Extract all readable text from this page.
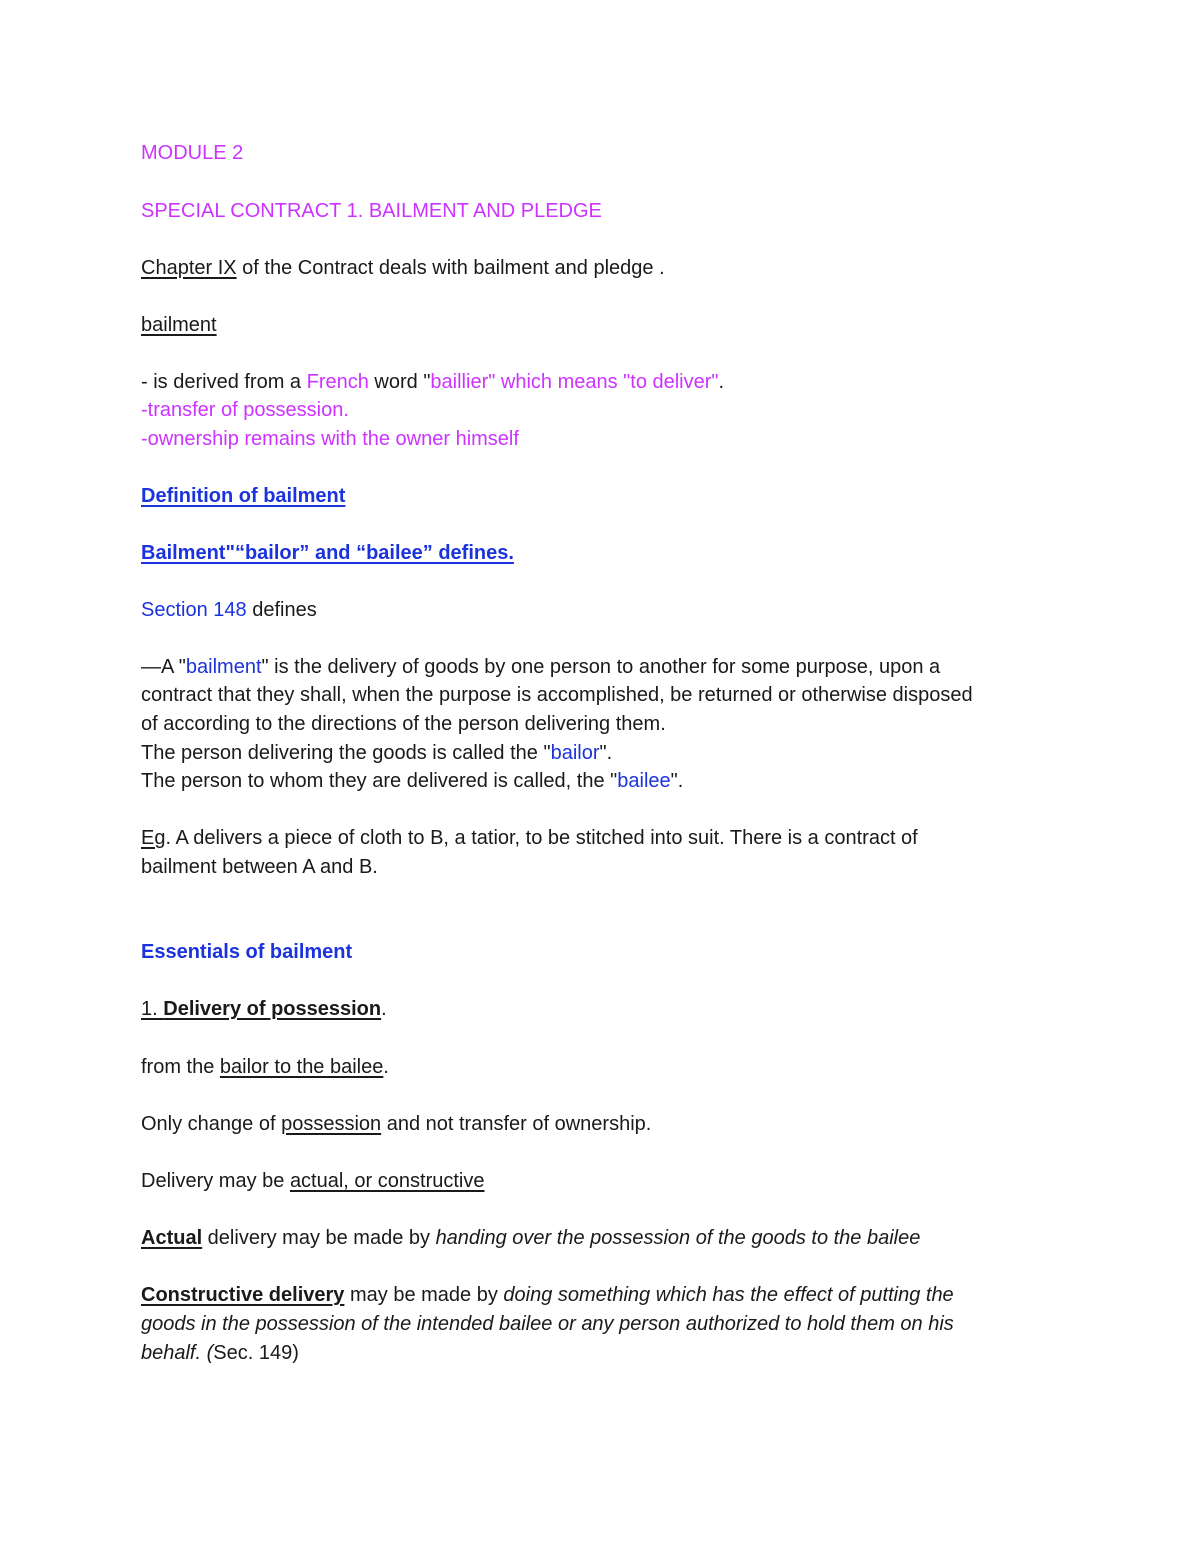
MODULE 2
SPECIAL CONTRACT 1. BAILMENT AND PLEDGE
Chapter IX of the Contract deals with bailment and pledge .
bailment
- is derived from a French word "baillier" which means "to deliver".
-transfer of possession.
-ownership remains with the owner himself
Definition of bailment
Bailment"“bailor” and “bailee” defines.
Section 148 defines
—A "bailment" is the delivery of goods by one person to another for some purpose, upon a
contract that they shall, when the purpose is accomplished, be returned or otherwise disposed
of according to the directions of the person delivering them.
The person delivering the goods is called the "bailor".
The person to whom they are delivered is called, the "bailee".
Eg. A delivers a piece of cloth to B, a tatior, to be stitched into suit. There is a contract of
bailment between A and B.
Essentials of bailment
1. Delivery of possession.
from the bailor to the bailee.
Only change of possession and not transfer of ownership.
Delivery may be actual, or constructive
Actual delivery may be made by handing over the possession of the goods to the bailee
Constructive delivery may be made by doing something which has the effect of putting the
goods in the possession of the intended bailee or any person authorized to hold them on his
behalf. (Sec. 149)
